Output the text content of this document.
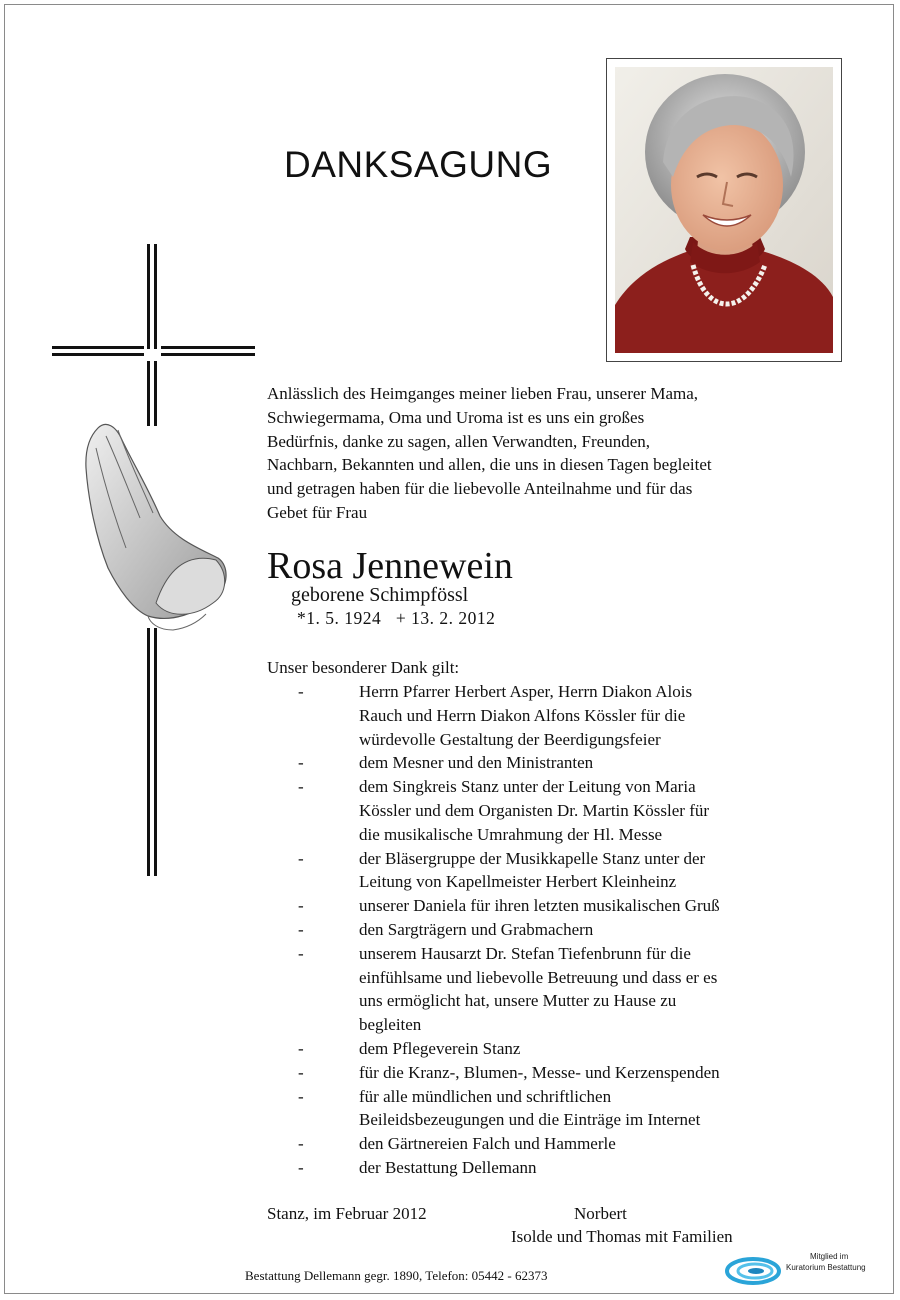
DANKSAGUNG
Anlässlich des Heimganges meiner lieben Frau, unserer Mama,
Schwiegermama, Oma und Uroma ist es uns ein großes
Bedürfnis, danke zu sagen, allen Verwandten, Freunden,
Nachbarn, Bekannten und allen, die uns in diesen Tagen begleitet
und getragen haben für die liebevolle Anteilnahme und für das
Gebet für Frau
Rosa Jennewein
geborene Schimpfössl
*1. 5. 1924   + 13. 2. 2012
Unser besonderer Dank gilt:
-	Herrn Pfarrer Herbert Asper, Herrn Diakon Alois
Rauch und Herrn Diakon Alfons Kössler für die
würdevolle Gestaltung der Beerdigungsfeier
-	dem Mesner und den Ministranten
-	dem Singkreis Stanz unter der Leitung von Maria
Kössler und dem Organisten Dr. Martin Kössler für
die musikalische Umrahmung der Hl. Messe
-	der Bläsergruppe der Musikkapelle Stanz unter der
Leitung von Kapellmeister Herbert Kleinheinz
-	unserer Daniela für ihren letzten musikalischen Gruß
-	den Sargträgern und Grabmachern
-	unserem Hausarzt Dr. Stefan Tiefenbrunn für die
einfühlsame und liebevolle Betreuung und dass er es
uns ermöglicht hat, unsere Mutter zu Hause zu
begleiten
-	dem Pflegeverein Stanz
-	für die Kranz-, Blumen-, Messe- und Kerzenspenden
-	für alle mündlichen und schriftlichen
Beileidsbezeugungen und die Einträge im Internet
-	den Gärtnereien Falch und Hammerle
-	der Bestattung Dellemann
Stanz, im Februar 2012	Norbert
Isolde und Thomas mit Familien
Bestattung Dellemann gegr. 1890, Telefon: 05442 - 62373
Mitglied im
Kuratorium Bestattung
